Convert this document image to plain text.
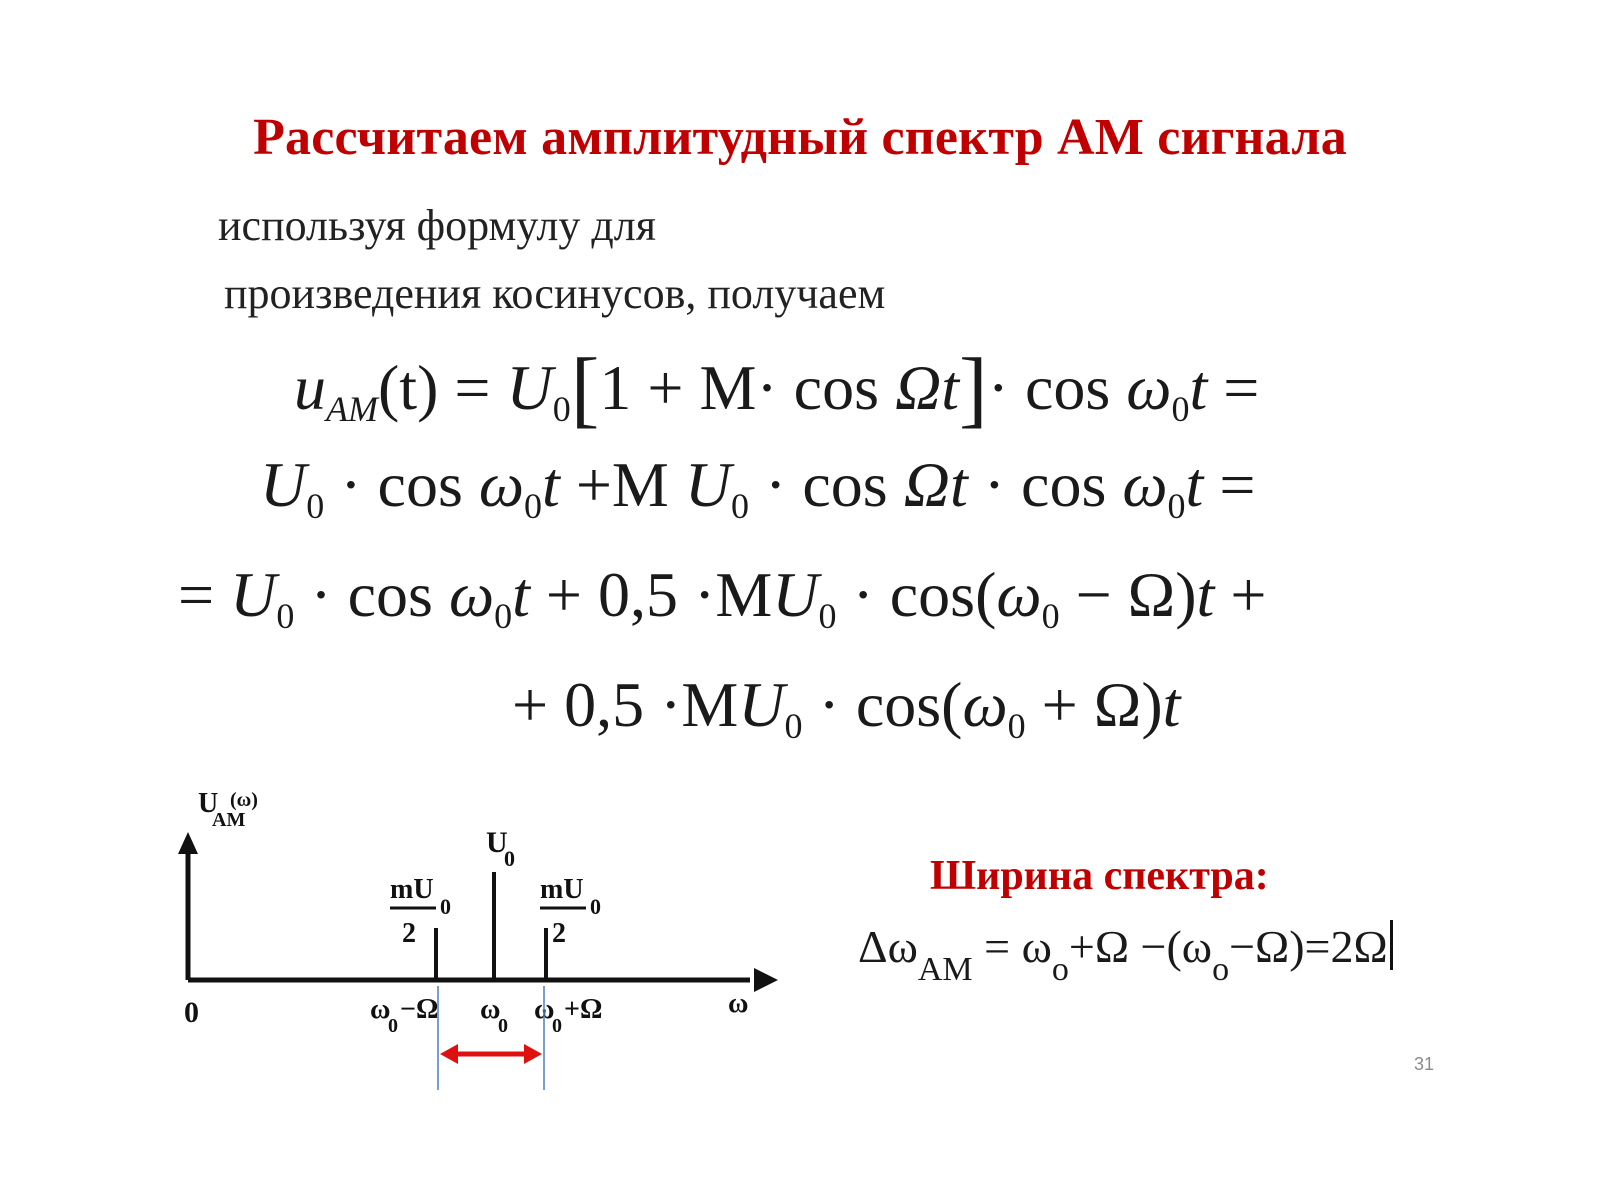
Рассчитаем амплитудный спектр АМ сигнала
используя формулу для
произведения косинусов, получаем
$u_{AM}(t) = U_0[1 + M\cdot \cos \Omega t]\cdot \cos \omega_0t$ =
$U_0 \cdot \cos \omega_0t +M$ $U_0 \cdot \cos \Omega t \cdot \cos \omega_0t$ =
= $U_0 \cdot \cos \omega_0t + 0,5 \cdot MU_0 \cdot \cos(\omega_0 - \Omega)t$ +
+ $0,5 \cdot MU_0 \cdot \cos(\omega_0 + \Omega)t$
U
AM
(ω)
U
0
mU
0
2
mU
0
2
0	ω
ω
0
−Ω ω
0
ω
0
+Ω
Ширина спектра:
$\Delta\omega_{AM} = \omega_o+\Omega -(\omega_o-\Omega)=2\Omega$
31
